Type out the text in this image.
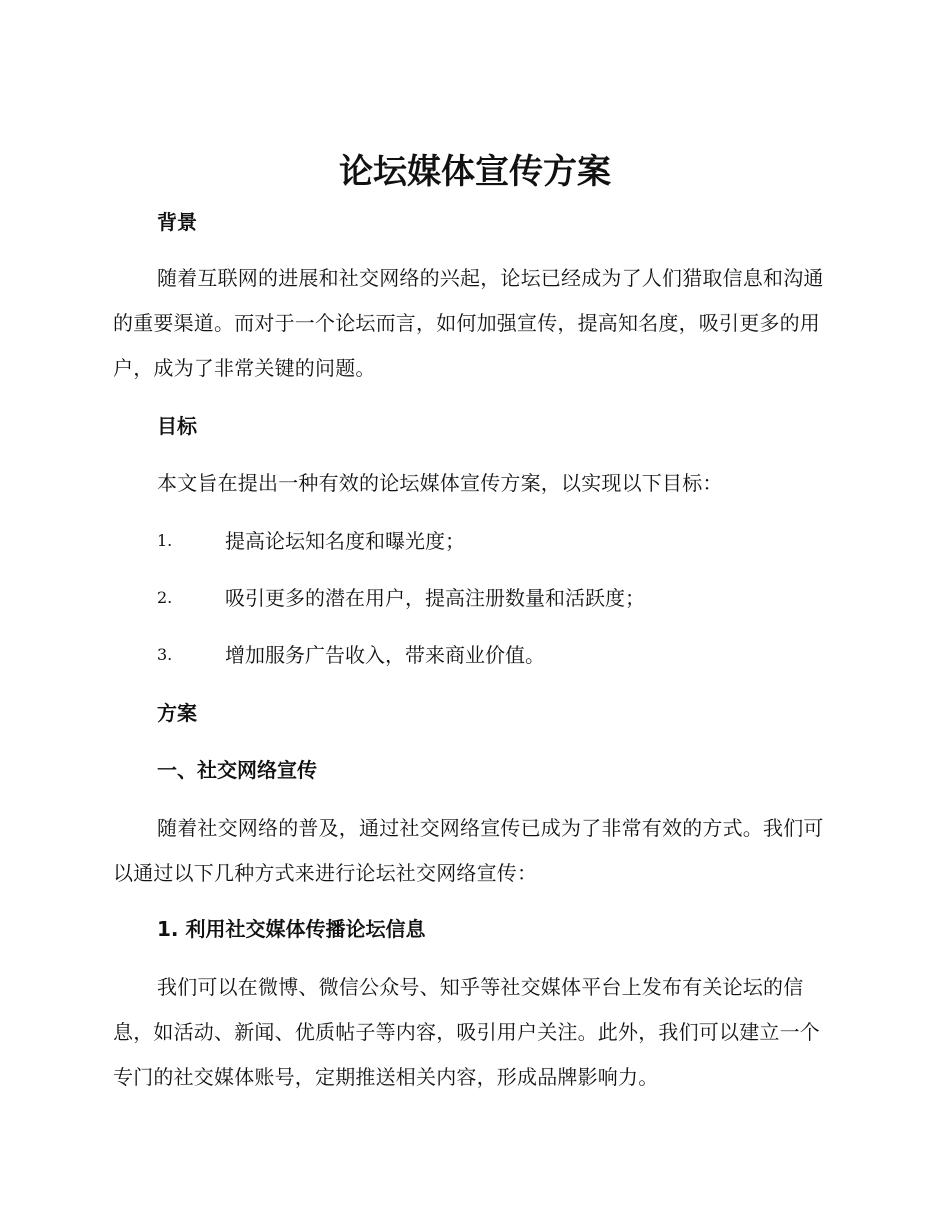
论坛媒体宣传方案
背景

随着互联网的进展和社交网络的兴起，论坛已经成为了人们猎取信息和沟通的重要渠道。而对于一个论坛而言，如何加强宣传，提高知名度，吸引更多的用户，成为了非常关键的问题。

目标

本文旨在提出一种有效的论坛媒体宣传方案，以实现以下目标：

1.	提高论坛知名度和曝光度；
2.	吸引更多的潜在用户，提高注册数量和活跃度；
3.	增加服务广告收入，带来商业价值。
方案
一、社交网络宣传

随着社交网络的普及，通过社交网络宣传已成为了非常有效的方式。我们可以通过以下几种方式来进行论坛社交网络宣传：

1. 利用社交媒体传播论坛信息

我们可以在微博、微信公众号、知乎等社交媒体平台上发布有关论坛的信息，如活动、新闻、优质帖子等内容，吸引用户关注。此外，我们可以建立一个专门的社交媒体账号，定期推送相关内容，形成品牌影响力。
